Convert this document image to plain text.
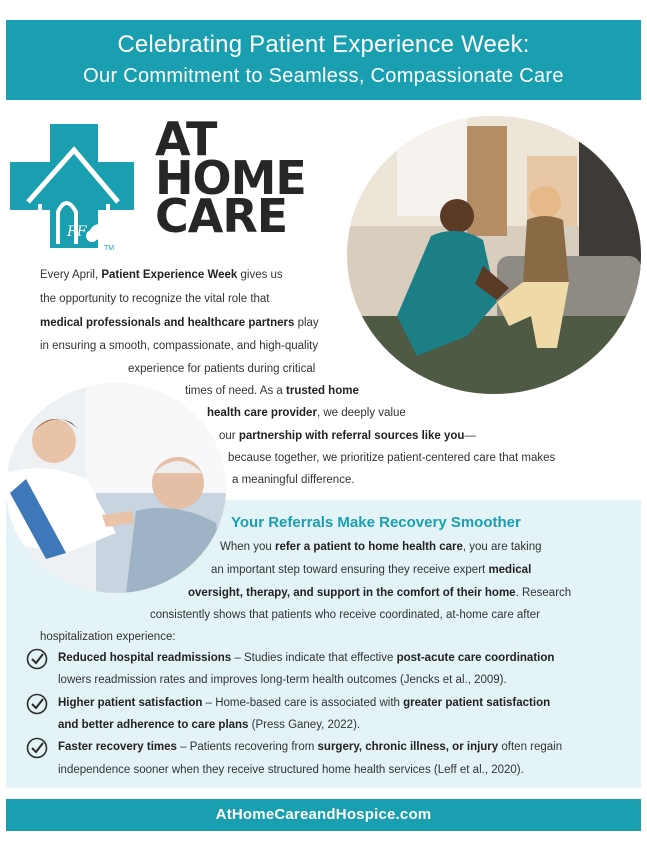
Celebrating Patient Experience Week:
Our Commitment to Seamless, Compassionate Care
FF
TM
AT
HOME
CARE
Every April, Patient Experience Week gives us
the opportunity to recognize the vital role that
medical professionals and healthcare partners play
in ensuring a smooth, compassionate, and high-quality
experience for patients during critical
times of need. As a trusted home
health care provider, we deeply value
our partnership with referral sources like you—
because together, we prioritize patient-centered care that makes
a meaningful difference.
Your Referrals Make Recovery Smoother
When you refer a patient to home health care, you are taking
an important step toward ensuring they receive expert medical
oversight, therapy, and support in the comfort of their home. Research
consistently shows that patients who receive coordinated, at-home care after
hospitalization experience:
Reduced hospital readmissions – Studies indicate that effective post-acute care coordination
lowers readmission rates and improves long-term health outcomes (Jencks et al., 2009).
Higher patient satisfaction – Home-based care is associated with greater patient satisfaction
and better adherence to care plans (Press Ganey, 2022).
Faster recovery times – Patients recovering from surgery, chronic illness, or injury often regain
independence sooner when they receive structured home health services (Leff et al., 2020).
AtHomeCareandHospice.com
